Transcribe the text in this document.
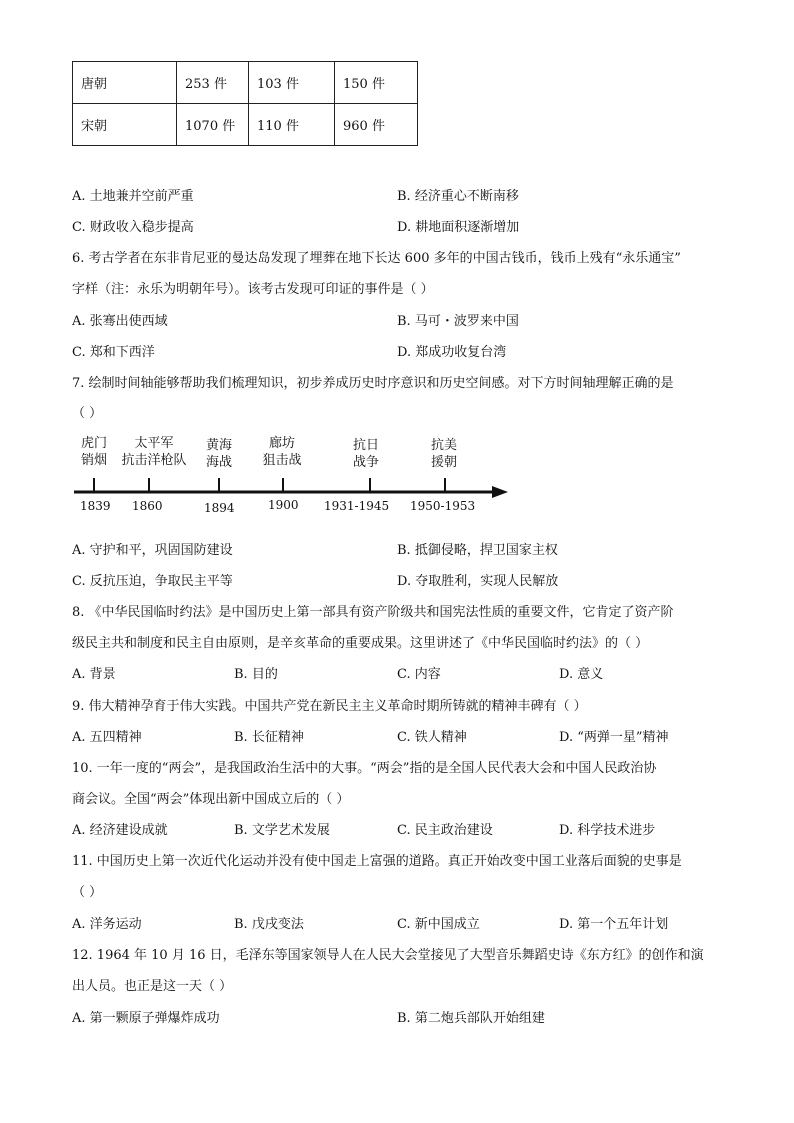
唐朝	253 件	103 件	150 件
宋朝	1070 件	110 件	960 件
A. 土地兼并空前严重	B. 经济重心不断南移
C. 财政收入稳步提高	D. 耕地面积逐渐增加
6. 考古学者在东非肯尼亚的曼达岛发现了埋葬在地下长达 600 多年的中国古钱币，钱币上残有“永乐通宝”
字样（注：永乐为明朝年号）。该考古发现可印证的事件是（ ）
A. 张骞出使西域	B. 马可・波罗来中国
C. 郑和下西洋	D. 郑成功收复台湾
7. 绘制时间轴能够帮助我们梳理知识，初步养成历史时序意识和历史空间感。对下方时间轴理解正确的是
（ ）
虎门
销烟
太平军
抗击洋枪队
黄海
海战
廊坊
狙击战
抗日
战争
抗美
援朝
1839 1860	1894	1900 1931-1945 1950-1953
A. 守护和平，巩固国防建设	B. 抵御侵略，捍卫国家主权
C. 反抗压迫，争取民主平等	D. 夺取胜利，实现人民解放
8. 《中华民国临时约法》是中国历史上第一部具有资产阶级共和国宪法性质的重要文件，它肯定了资产阶
级民主共和制度和民主自由原则，是辛亥革命的重要成果。这里讲述了《中华民国临时约法》的（ ）
A. 背景	B. 目的	C. 内容	D. 意义
9. 伟大精神孕育于伟大实践。中国共产党在新民主主义革命时期所铸就的精神丰碑有（ ）
A. 五四精神	B. 长征精神	C. 铁人精神	D. “两弹一星”精神
10. 一年一度的“两会”，是我国政治生活中的大事。“两会”指的是全国人民代表大会和中国人民政治协
商会议。全国“两会”体现出新中国成立后的（ ）
A. 经济建设成就	B. 文学艺术发展	C. 民主政治建设	D. 科学技术进步
11. 中国历史上第一次近代化运动并没有使中国走上富强的道路。真正开始改变中国工业落后面貌的史事是
（ ）
A. 洋务运动	B. 戊戌变法	C. 新中国成立	D. 第一个五年计划
12. 1964 年 10 月 16 日，毛泽东等国家领导人在人民大会堂接见了大型音乐舞蹈史诗《东方红》的创作和演
出人员。也正是这一天（ ）
A. 第一颗原子弹爆炸成功	B. 第二炮兵部队开始组建
